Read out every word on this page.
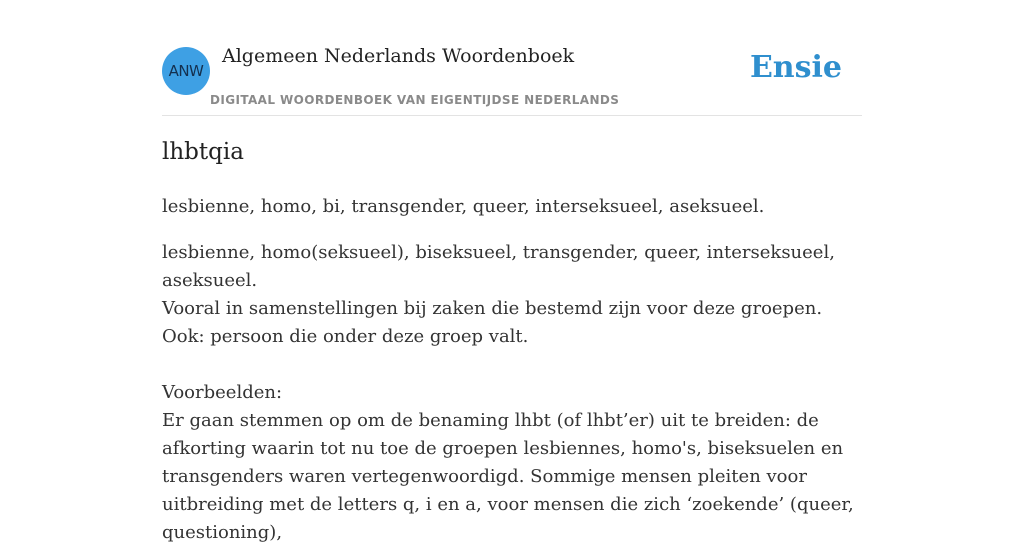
ANW
Algemeen Nederlands Woordenboek
DIGITAAL WOORDENBOEK VAN EIGENTIJDSE NEDERLANDS
Ensie
lhbtqia
lesbienne, homo, bi, transgender, queer, interseksueel, aseksueel.

lesbienne, homo(seksueel), biseksueel, transgender, queer, interseksueel, aseksueel.

Vooral in samenstellingen bij zaken die bestemd zijn voor deze groepen. Ook: persoon die onder deze groep valt.

Voorbeelden:

Er gaan stemmen op om de benaming lhbt (of lhbt’er) uit te breiden: de afkorting waarin tot nu toe de groepen lesbiennes, homo's, biseksuelen en transgenders waren vertegenwoordigd. Sommige mensen pleiten voor uitbreiding met de letters q, i en a, voor mensen die zich ‘zoekende’ (queer, questioning),
